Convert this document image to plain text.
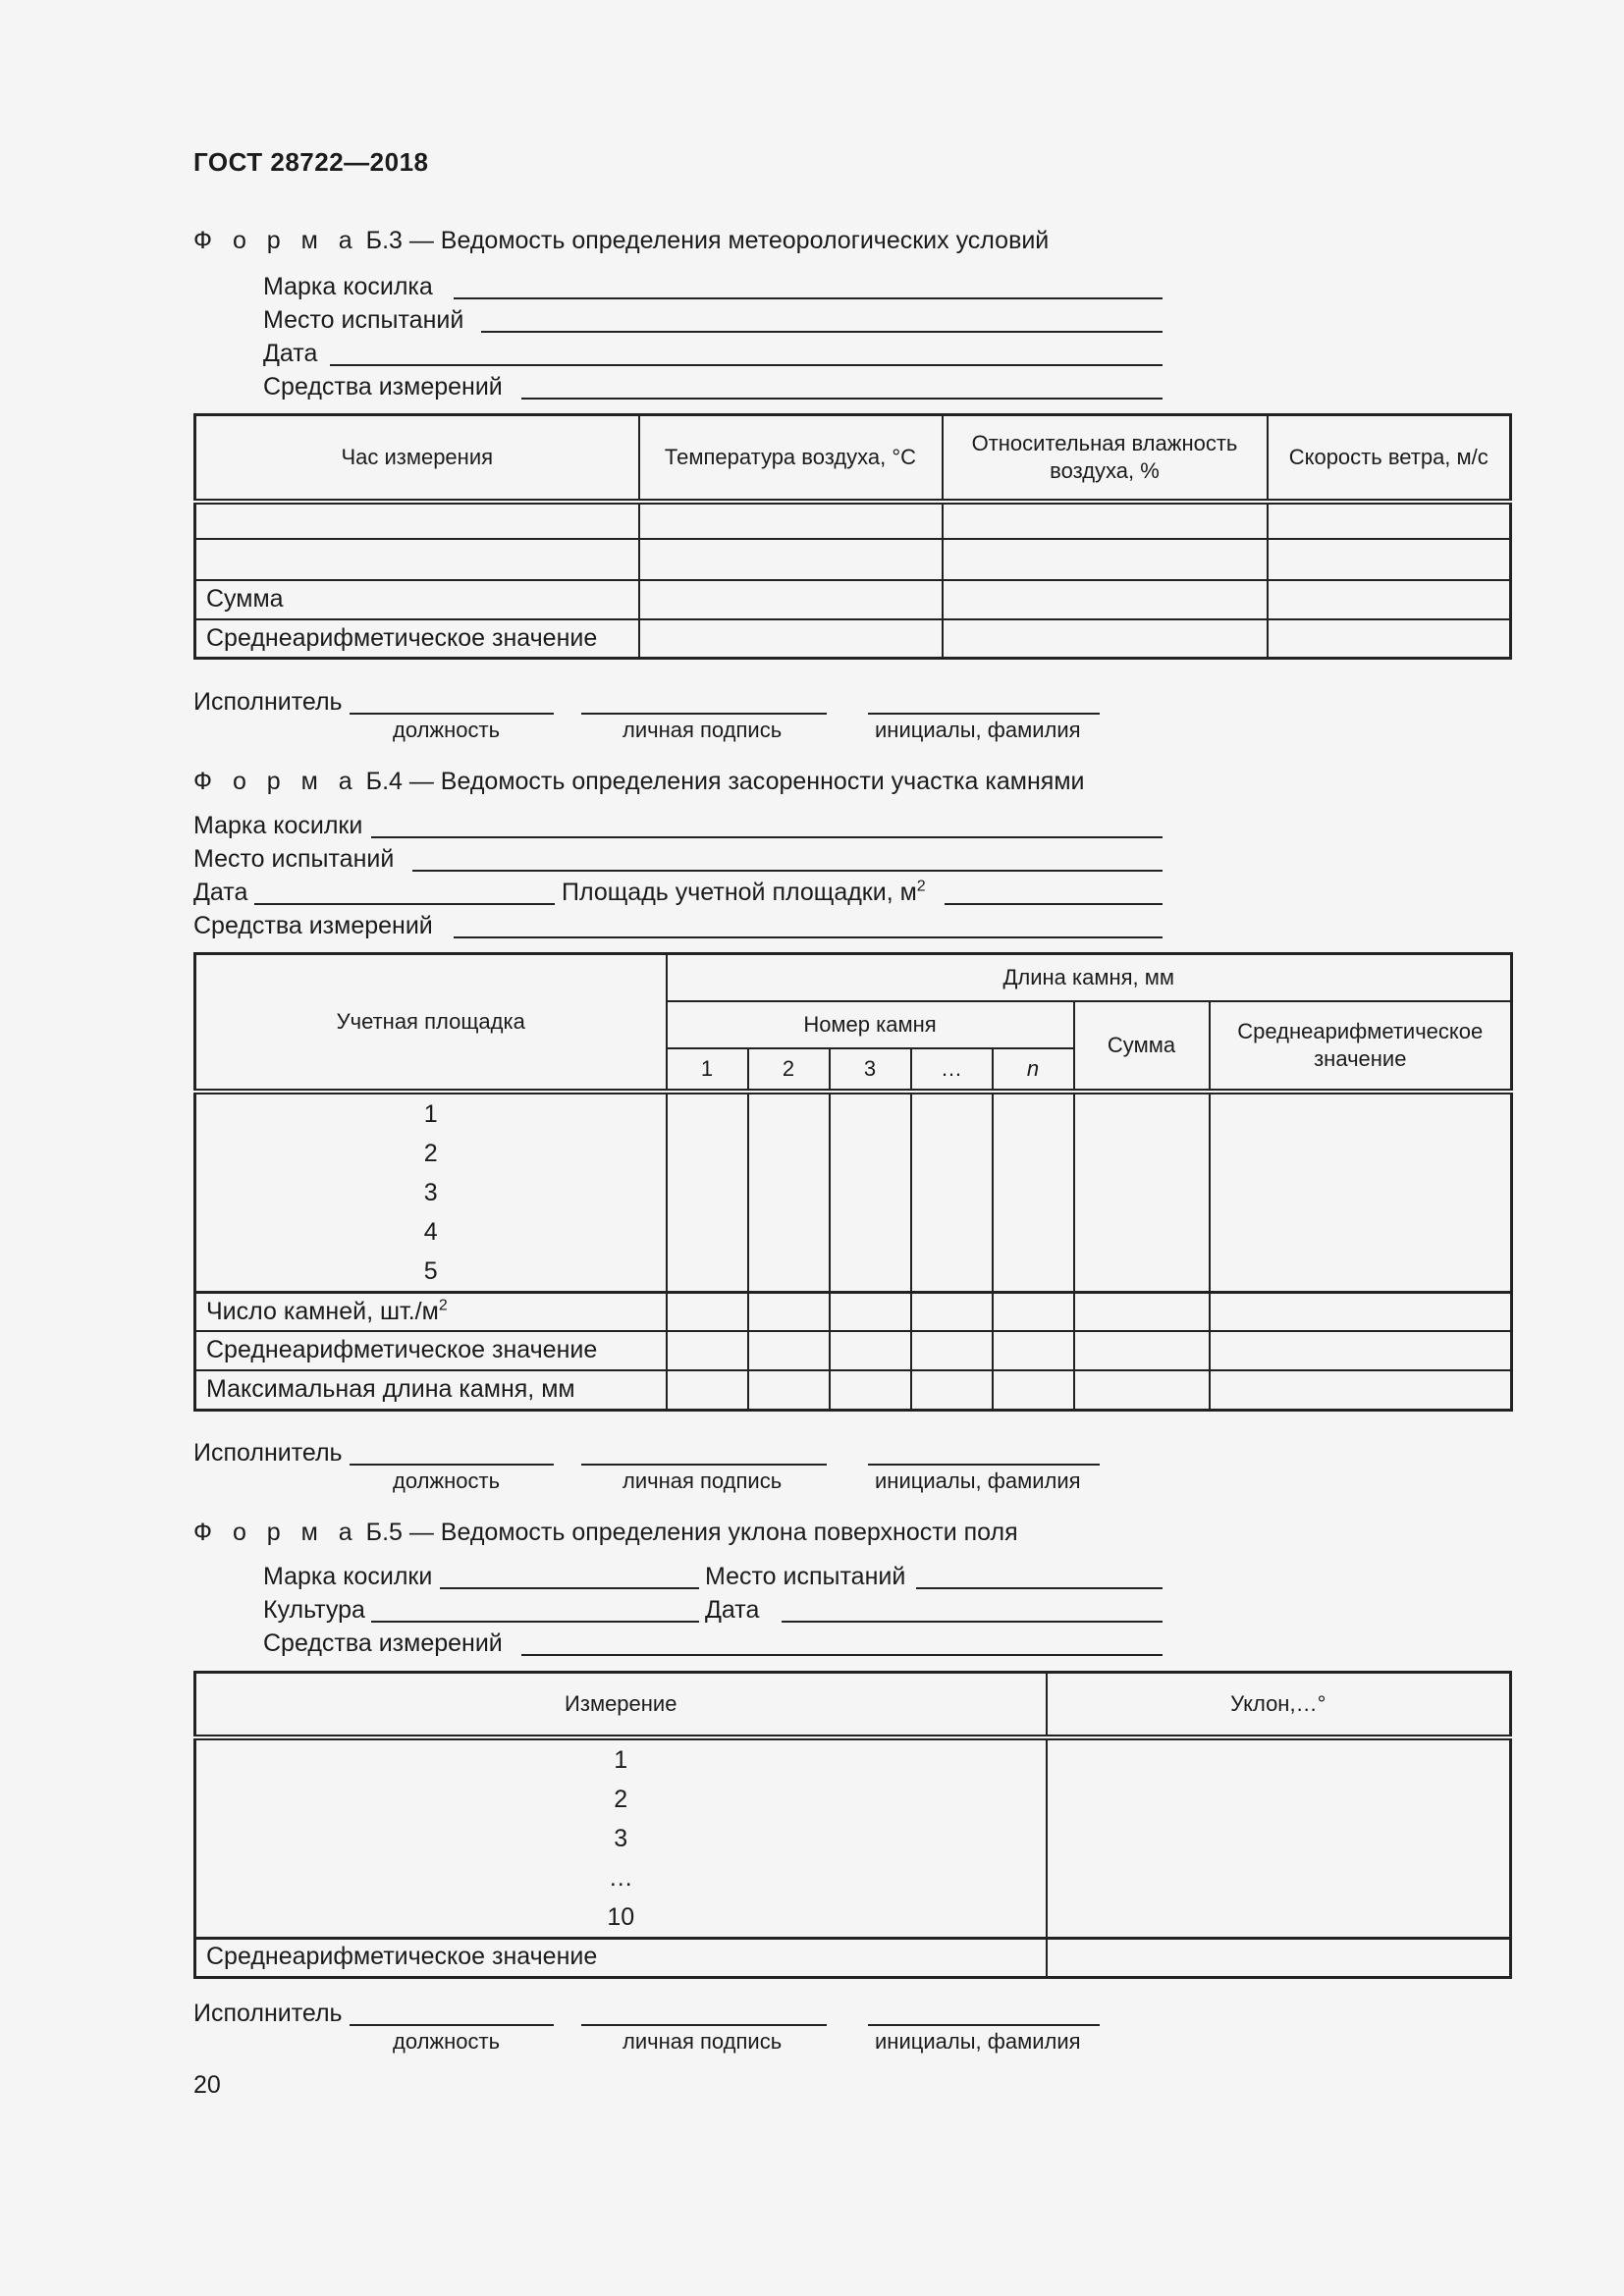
ГОСТ 28722—2018
Ф о р м а Б.3 — Ведомость определения метеорологических условий
Марка косилка
Место испытаний
Дата
Средства измерений
Час измерения	Температура воздуха, °С	Относительная влажность воздуха, %	Скорость ветра, м/с

Сумма			
Среднеарифметическое значение			
Исполнитель
должность	личная подпись	инициалы, фамилия
Ф о р м а Б.4 — Ведомость определения засоренности участка камнями
Марка косилки
Место испытаний
Дата	Площадь учетной площадки, $м^2$
Средства измерений
Учетная площадка	Длина камня, мм						
	Номер камня					Сумма	Среднеарифметическое значение
	1	2	3	…	n		

1
2
3
4
5							

Число камней, $шт./м^2$							
Среднеарифметическое значение							
Максимальная длина камня, мм							
Исполнитель
должность	личная подпись	инициалы, фамилия
Ф о р м а Б.5 — Ведомость определения уклона поверхности поля
Марка косилки	Место испытаний
Культура	Дата
Средства измерений
Измерение	Уклон,…°

1
2
3
…
10	

Среднеарифметическое значение	
Исполнитель
должность	личная подпись	инициалы, фамилия
20
